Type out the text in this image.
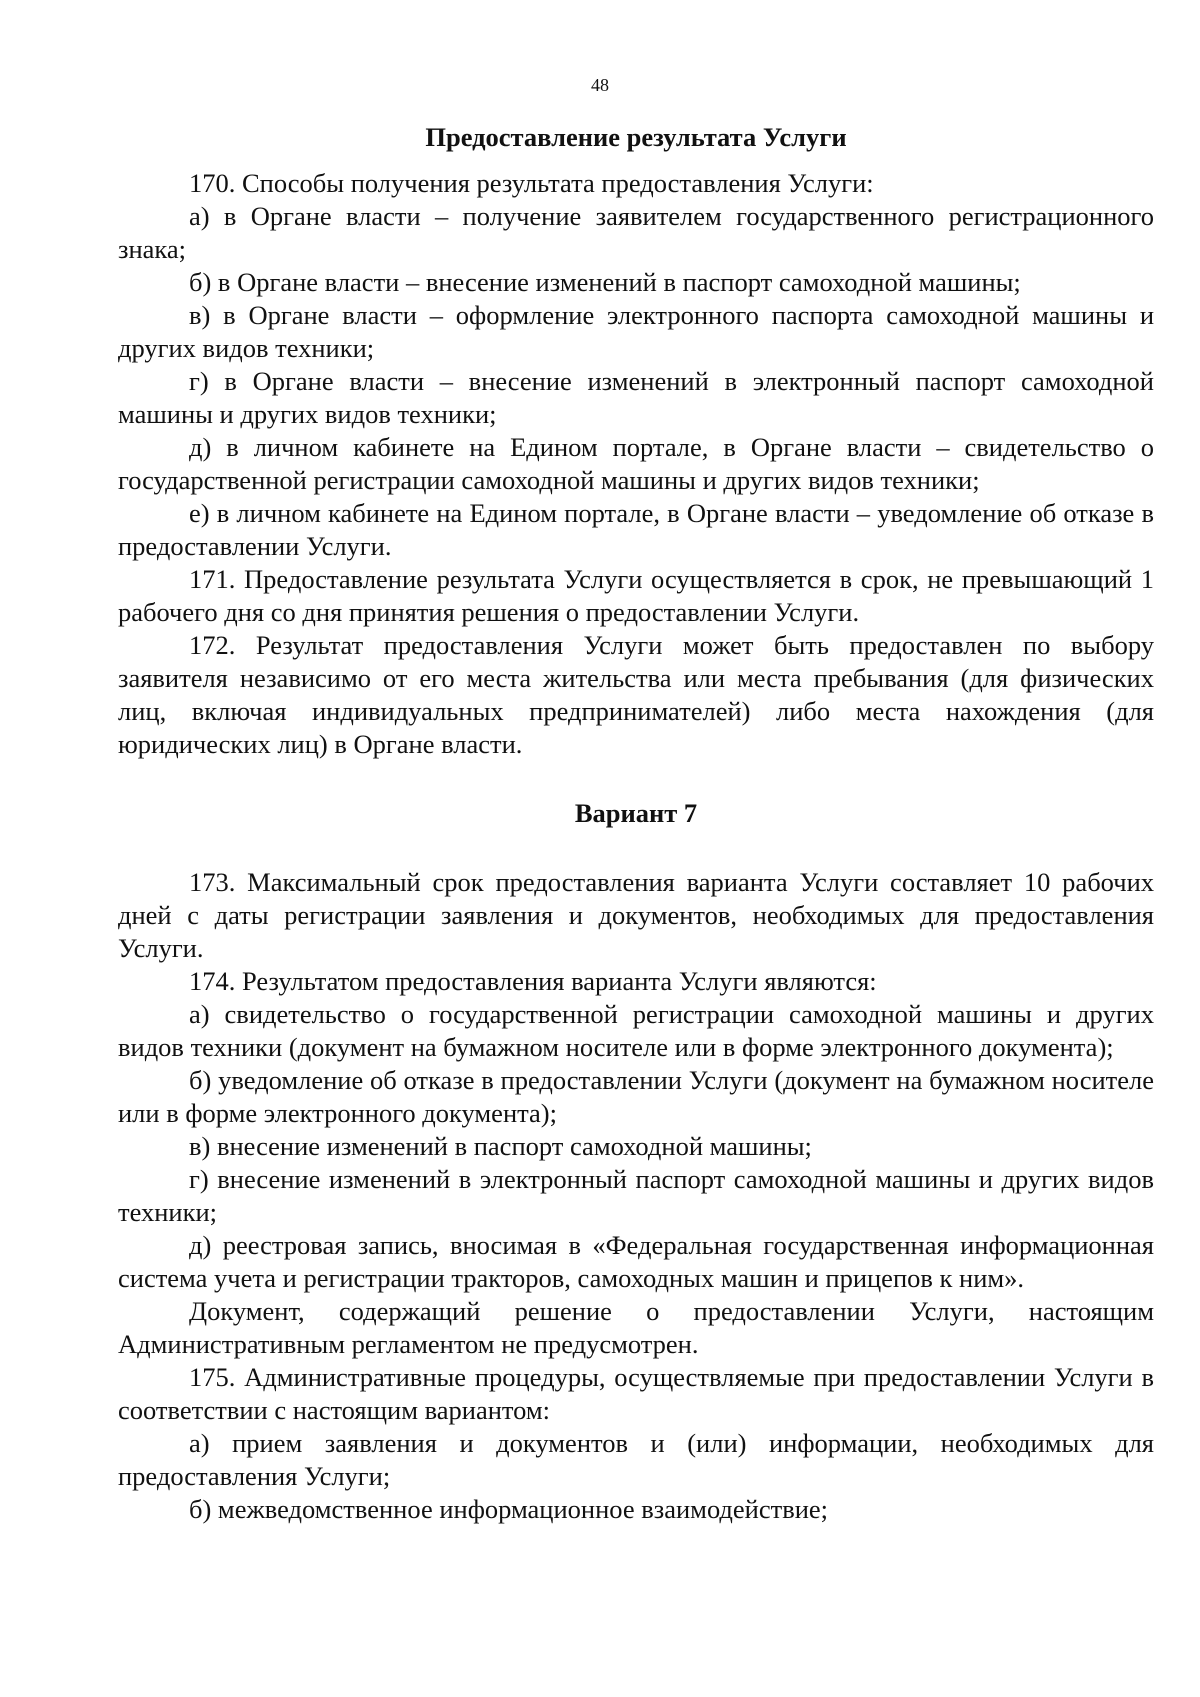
48

Предоставление результата Услуги

170. Способы получения результата предоставления Услуги:

а) в Органе власти – получение заявителем государственного регистрационного знака;

б) в Органе власти – внесение изменений в паспорт самоходной машины;

в) в Органе власти – оформление электронного паспорта самоходной машины и других видов техники;

г) в Органе власти – внесение изменений в электронный паспорт самоходной машины и других видов техники;

д) в личном кабинете на Едином портале, в Органе власти – свидетельство о государственной регистрации самоходной машины и других видов техники;

е) в личном кабинете на Едином портале, в Органе власти – уведомление об отказе в предоставлении Услуги.

171. Предоставление результата Услуги осуществляется в срок, не превышающий 1 рабочего дня со дня принятия решения о предоставлении Услуги.

172. Результат предоставления Услуги может быть предоставлен по выбору заявителя независимо от его места жительства или места пребывания (для физических лиц, включая индивидуальных предпринимателей) либо места нахождения (для юридических лиц) в Органе власти.

Вариант 7

173. Максимальный срок предоставления варианта Услуги составляет 10 рабочих дней с даты регистрации заявления и документов, необходимых для предоставления Услуги.

174. Результатом предоставления варианта Услуги являются:

а) свидетельство о государственной регистрации самоходной машины и других видов техники (документ на бумажном носителе или в форме электронного документа);

б) уведомление об отказе в предоставлении Услуги (документ на бумажном носителе или в форме электронного документа);

в) внесение изменений в паспорт самоходной машины;

г) внесение изменений в электронный паспорт самоходной машины и других видов техники;

д) реестровая запись, вносимая в «Федеральная государственная информационная система учета и регистрации тракторов, самоходных машин и прицепов к ним».

Документ, содержащий решение о предоставлении Услуги, настоящим Административным регламентом не предусмотрен.

175. Административные процедуры, осуществляемые при предоставлении Услуги в соответствии с настоящим вариантом:

а) прием заявления и документов и (или) информации, необходимых для предоставления Услуги;

б) межведомственное информационное взаимодействие;
